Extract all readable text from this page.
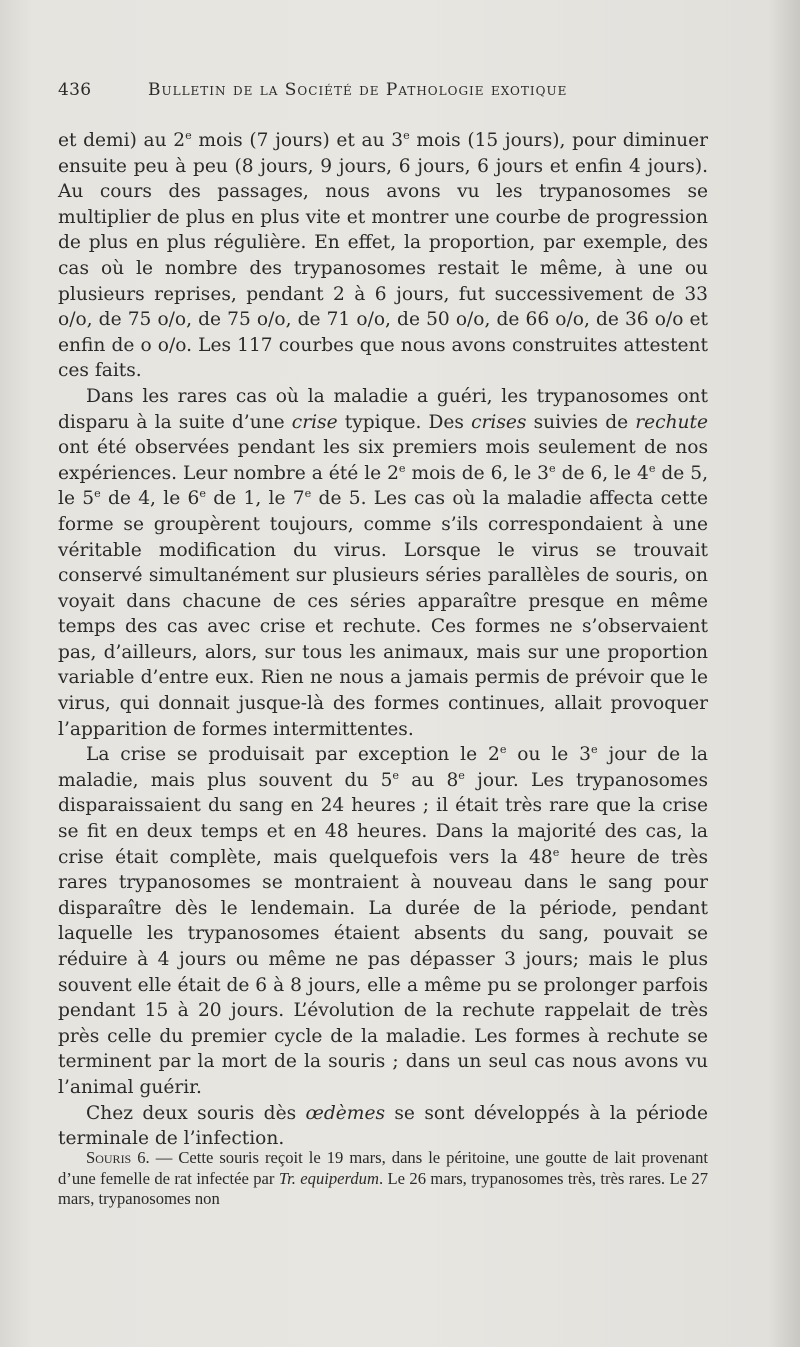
436	Bulletin de la Société de Pathologie exotique

et demi) au 2e mois (7 jours) et au 3e mois (15 jours), pour diminuer ensuite peu à peu (8 jours, 9 jours, 6 jours, 6 jours et enfin 4 jours). Au cours des passages, nous avons vu les trypanosomes se multiplier de plus en plus vite et montrer une courbe de progression de plus en plus régulière. En effet, la proportion, par exemple, des cas où le nombre des trypanosomes restait le même, à une ou plusieurs reprises, pendant 2 à 6 jours, fut successivement de 33 o/o, de 75 o/o, de 75 o/o, de 71 o/o, de 50 o/o, de 66 o/o, de 36 o/o et enfin de o o/o. Les 117 courbes que nous avons construites attestent ces faits.

Dans les rares cas où la maladie a guéri, les trypanosomes ont disparu à la suite d’une crise typique. Des crises suivies de rechute ont été observées pendant les six premiers mois seulement de nos expériences. Leur nombre a été le 2e mois de 6, le 3e de 6, le 4e de 5, le 5e de 4, le 6e de 1, le 7e de 5. Les cas où la maladie affecta cette forme se groupèrent toujours, comme s’ils correspondaient à une véritable modification du virus. Lorsque le virus se trouvait conservé simultanément sur plusieurs séries parallèles de souris, on voyait dans chacune de ces séries apparaître presque en même temps des cas avec crise et rechute. Ces formes ne s’observaient pas, d’ailleurs, alors, sur tous les animaux, mais sur une proportion variable d’entre eux. Rien ne nous a jamais permis de prévoir que le virus, qui donnait jusque-là des formes continues, allait provoquer l’apparition de formes intermittentes.

La crise se produisait par exception le 2e ou le 3e jour de la maladie, mais plus souvent du 5e au 8e jour. Les trypanosomes disparaissaient du sang en 24 heures ; il était très rare que la crise se fit en deux temps et en 48 heures. Dans la majorité des cas, la crise était complète, mais quelquefois vers la 48e heure de très rares trypanosomes se montraient à nouveau dans le sang pour disparaître dès le lendemain. La durée de la période, pendant laquelle les trypanosomes étaient absents du sang, pouvait se réduire à 4 jours ou même ne pas dépasser 3 jours; mais le plus souvent elle était de 6 à 8 jours, elle a même pu se prolonger parfois pendant 15 à 20 jours. L’évolution de la rechute rappelait de très près celle du premier cycle de la maladie. Les formes à rechute se terminent par la mort de la souris ; dans un seul cas nous avons vu l’animal guérir.

Chez deux souris dès œdèmes se sont développés à la période terminale de l’infection.

Souris 6. — Cette souris reçoit le 19 mars, dans le péritoine, une goutte de lait provenant d’une femelle de rat infectée par Tr. equiperdum. Le 26 mars, trypanosomes très, très rares. Le 27 mars, trypanosomes non
